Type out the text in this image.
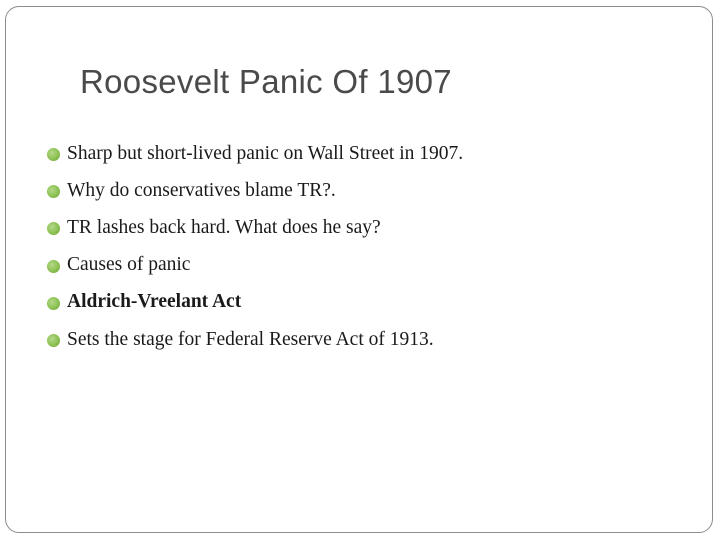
Roosevelt Panic Of 1907
Sharp but short-lived panic on Wall Street in 1907.
Why do conservatives blame TR?.
TR lashes back hard. What does he say?
Causes of panic
Aldrich-Vreelant Act
Sets the stage for Federal Reserve Act of 1913.
